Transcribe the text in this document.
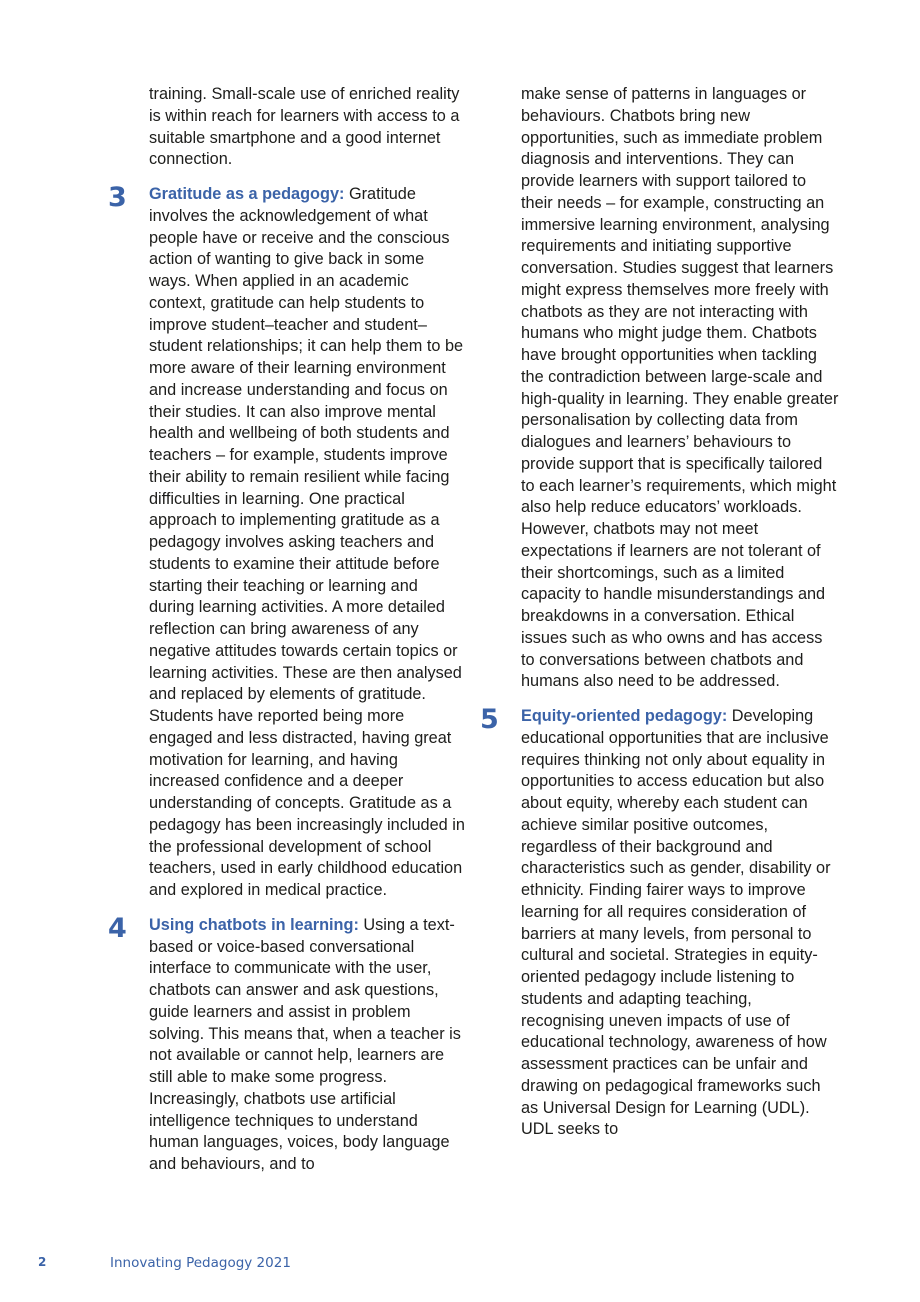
training. Small-scale use of enriched reality is within reach for learners with access to a suitable smartphone and a good internet connection.

3 Gratitude as a pedagogy: Gratitude involves the acknowledgement of what people have or receive and the conscious action of wanting to give back in some ways. When applied in an academic context, gratitude can help students to improve student–teacher and student–student relationships; it can help them to be more aware of their learning environment and increase understanding and focus on their studies. It can also improve mental health and wellbeing of both students and teachers – for example, students improve their ability to remain resilient while facing difficulties in learning. One practical approach to implementing gratitude as a pedagogy involves asking teachers and students to examine their attitude before starting their teaching or learning and during learning activities. A more detailed reflection can bring awareness of any negative attitudes towards certain topics or learning activities. These are then analysed and replaced by elements of gratitude. Students have reported being more engaged and less distracted, having great motivation for learning, and having increased confidence and a deeper understanding of concepts. Gratitude as a pedagogy has been increasingly included in the professional development of school teachers, used in early childhood education and explored in medical practice.

4 Using chatbots in learning: Using a text-based or voice-based conversational interface to communicate with the user, chatbots can answer and ask questions, guide learners and assist in problem solving. This means that, when a teacher is not available or cannot help, learners are still able to make some progress. Increasingly, chatbots use artificial intelligence techniques to understand human languages, voices, body language and behaviours, and to

make sense of patterns in languages or behaviours. Chatbots bring new opportunities, such as immediate problem diagnosis and interventions. They can provide learners with support tailored to their needs – for example, constructing an immersive learning environment, analysing requirements and initiating supportive conversation. Studies suggest that learners might express themselves more freely with chatbots as they are not interacting with humans who might judge them. Chatbots have brought opportunities when tackling the contradiction between large-scale and high-quality in learning. They enable greater personalisation by collecting data from dialogues and learners’ behaviours to provide support that is specifically tailored to each learner’s requirements, which might also help reduce educators’ workloads. However, chatbots may not meet expectations if learners are not tolerant of their shortcomings, such as a limited capacity to handle misunderstandings and breakdowns in a conversation. Ethical issues such as who owns and has access to conversations between chatbots and humans also need to be addressed.

5 Equity-oriented pedagogy: Developing educational opportunities that are inclusive requires thinking not only about equality in opportunities to access education but also about equity, whereby each student can achieve similar positive outcomes, regardless of their background and characteristics such as gender, disability or ethnicity. Finding fairer ways to improve learning for all requires consideration of barriers at many levels, from personal to cultural and societal. Strategies in equity-oriented pedagogy include listening to students and adapting teaching, recognising uneven impacts of use of educational technology, awareness of how assessment practices can be unfair and drawing on pedagogical frameworks such as Universal Design for Learning (UDL). UDL seeks to

2	Innovating Pedagogy 2021
